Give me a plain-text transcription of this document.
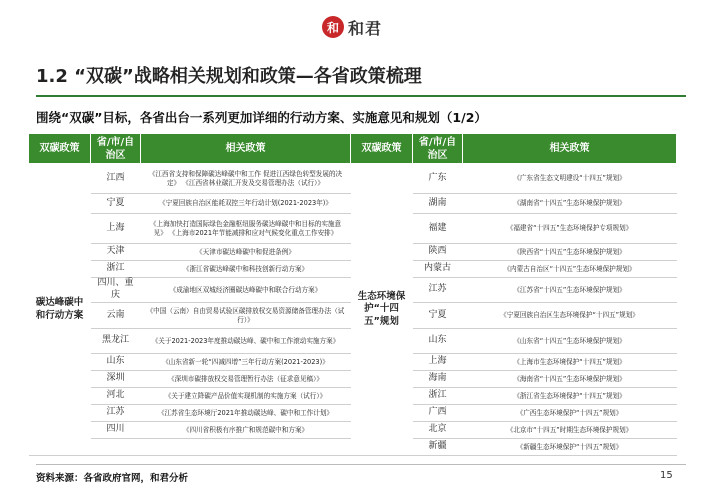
和 和君
1.2 “双碳”战略相关规划和政策—各省政策梳理
围绕“双碳”目标，各省出台一系列更加详细的行动方案、实施意见和规划（1/2）
双碳政策	省/市/自治区	相关政策	双碳政策	省/市/自治区	相关政策
碳达峰碳中和行动方案	江西	《江西省支持和保障碳达峰碳中和工作 促进江西绿色转型发展的决定》 《江西省林业碳汇开发及交易管理办法（试行）》	生态环境保护“十四五”规划	广东	《广东省生态文明建设“十四五”规划》
	宁夏	《宁夏回族自治区能耗双控三年行动计划(2021-2023年)》		湖南	《湖南省“十四五”生态环境保护规划》
	上海	《上海加快打造国际绿色金融枢纽服务碳达峰碳中和目标的实施意见》 《上海市2021年节能减排和应对气候变化重点工作安排》		福建	《福建省“十四五”生态环境保护专项规划》
	天津	《天津市碳达峰碳中和促进条例》		陕西	《陕西省“十四五”生态环境保护规划》
	浙江	《浙江省碳达峰碳中和科技创新行动方案》		内蒙古	《内蒙古自治区“十四五”生态环境保护规划》
	四川、重庆	《成渝地区双城经济圈碳达峰碳中和联合行动方案》		江苏	《江苏省“十四五”生态环境保护规划》
	云南	《中国（云南）自由贸易试验区碳排放权交易资源储备管理办法（试行）》		宁夏	《宁夏回族自治区生态环境保护“十四五”规划》
	黑龙江	《关于2021-2023年度推动碳达峰、碳中和工作滚动实施方案》		山东	《山东省“十四五”生态环境保护规划》
	山东	《山东省新一轮“四减四增”三年行动方案(2021-2023)》		上海	《上海市生态环境保护“十四五”规划》
	深圳	《深圳市碳排放权交易管理暂行办法（征求意见稿）》		海南	《海南省“十四五”生态环境保护规划》
	河北	《关于建立降碳产品价值实现机制的实施方案（试行）》		浙江	《浙江省生态环境保护“十四五”规划》
	江苏	《江苏省生态环境厅2021年推动碳达峰、碳中和工作计划》		广西	《广西生态环境保护“十四五”规划》
	四川	《四川省积极有序推广和规范碳中和方案》		北京	《北京市“十四五”时期生态环境保护规划》
				新疆	《新疆生态环境保护“十四五”规划》
资料来源：各省政府官网，和君分析	15
